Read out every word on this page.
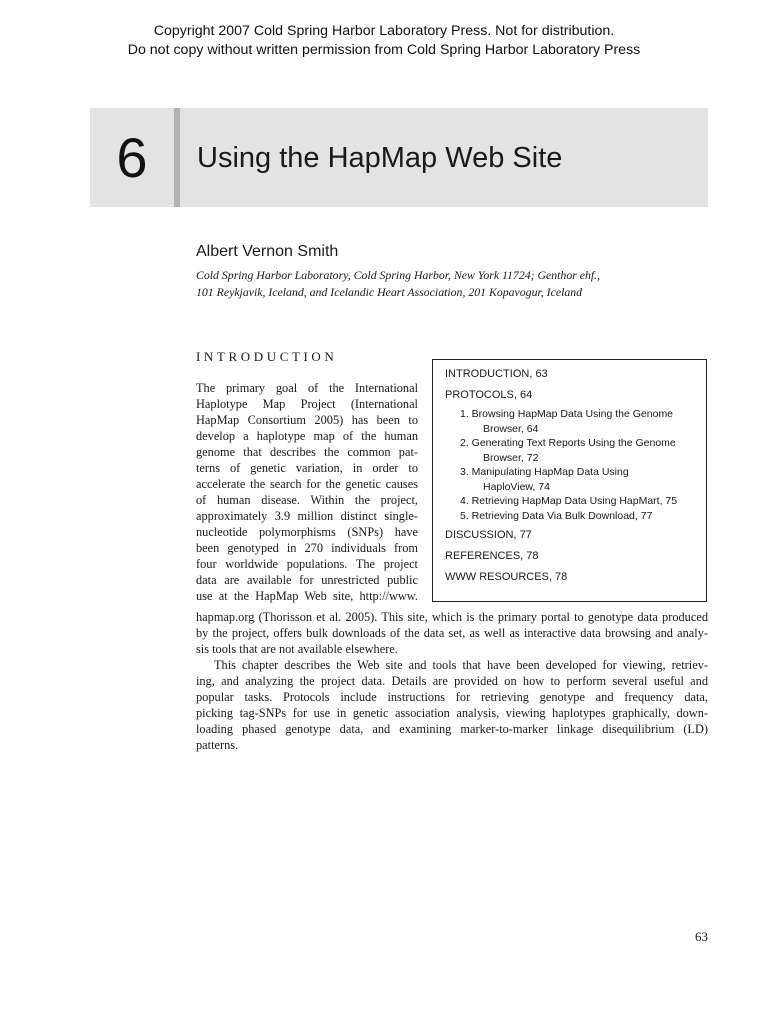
Copyright 2007 Cold Spring Harbor Laboratory Press. Not for distribution.
Do not copy without written permission from Cold Spring Harbor Laboratory Press
6	Using the HapMap Web Site
Albert Vernon Smith
Cold Spring Harbor Laboratory, Cold Spring Harbor, New York 11724; Genthor ehf.,
101 Reykjavik, Iceland, and Icelandic Heart Association, 201 Kopavogur, Iceland
INTRODUCTION
The primary goal of the International
Haplotype Map Project (International
HapMap Consortium 2005) has been to
develop a haplotype map of the human
genome that describes the common pat-
terns of genetic variation, in order to
accelerate the search for the genetic causes
of human disease. Within the project,
approximately 3.9 million distinct single-
nucleotide polymorphisms (SNPs) have
been genotyped in 270 individuals from
four worldwide populations. The project
data are available for unrestricted public
use at the HapMap Web site, http://www.
hapmap.org (Thorisson et al. 2005). This site, which is the primary portal to genotype data produced
by the project, offers bulk downloads of the data set, as well as interactive data browsing and analy-
sis tools that are not available elsewhere.
This chapter describes the Web site and tools that have been developed for viewing, retriev-
ing, and analyzing the project data. Details are provided on how to perform several useful and
popular tasks. Protocols include instructions for retrieving genotype and frequency data,
picking tag-SNPs for use in genetic association analysis, viewing haplotypes graphically, down-
loading phased genotype data, and examining marker-to-marker linkage disequilibrium (LD)
patterns.
INTRODUCTION, 63
PROTOCOLS, 64
1. Browsing HapMap Data Using the Genome
Browser, 64
2. Generating Text Reports Using the Genome
Browser, 72
3. Manipulating HapMap Data Using
HaploView, 74
4. Retrieving HapMap Data Using HapMart, 75
5. Retrieving Data Via Bulk Download, 77
DISCUSSION, 77
REFERENCES, 78
WWW RESOURCES, 78
63
